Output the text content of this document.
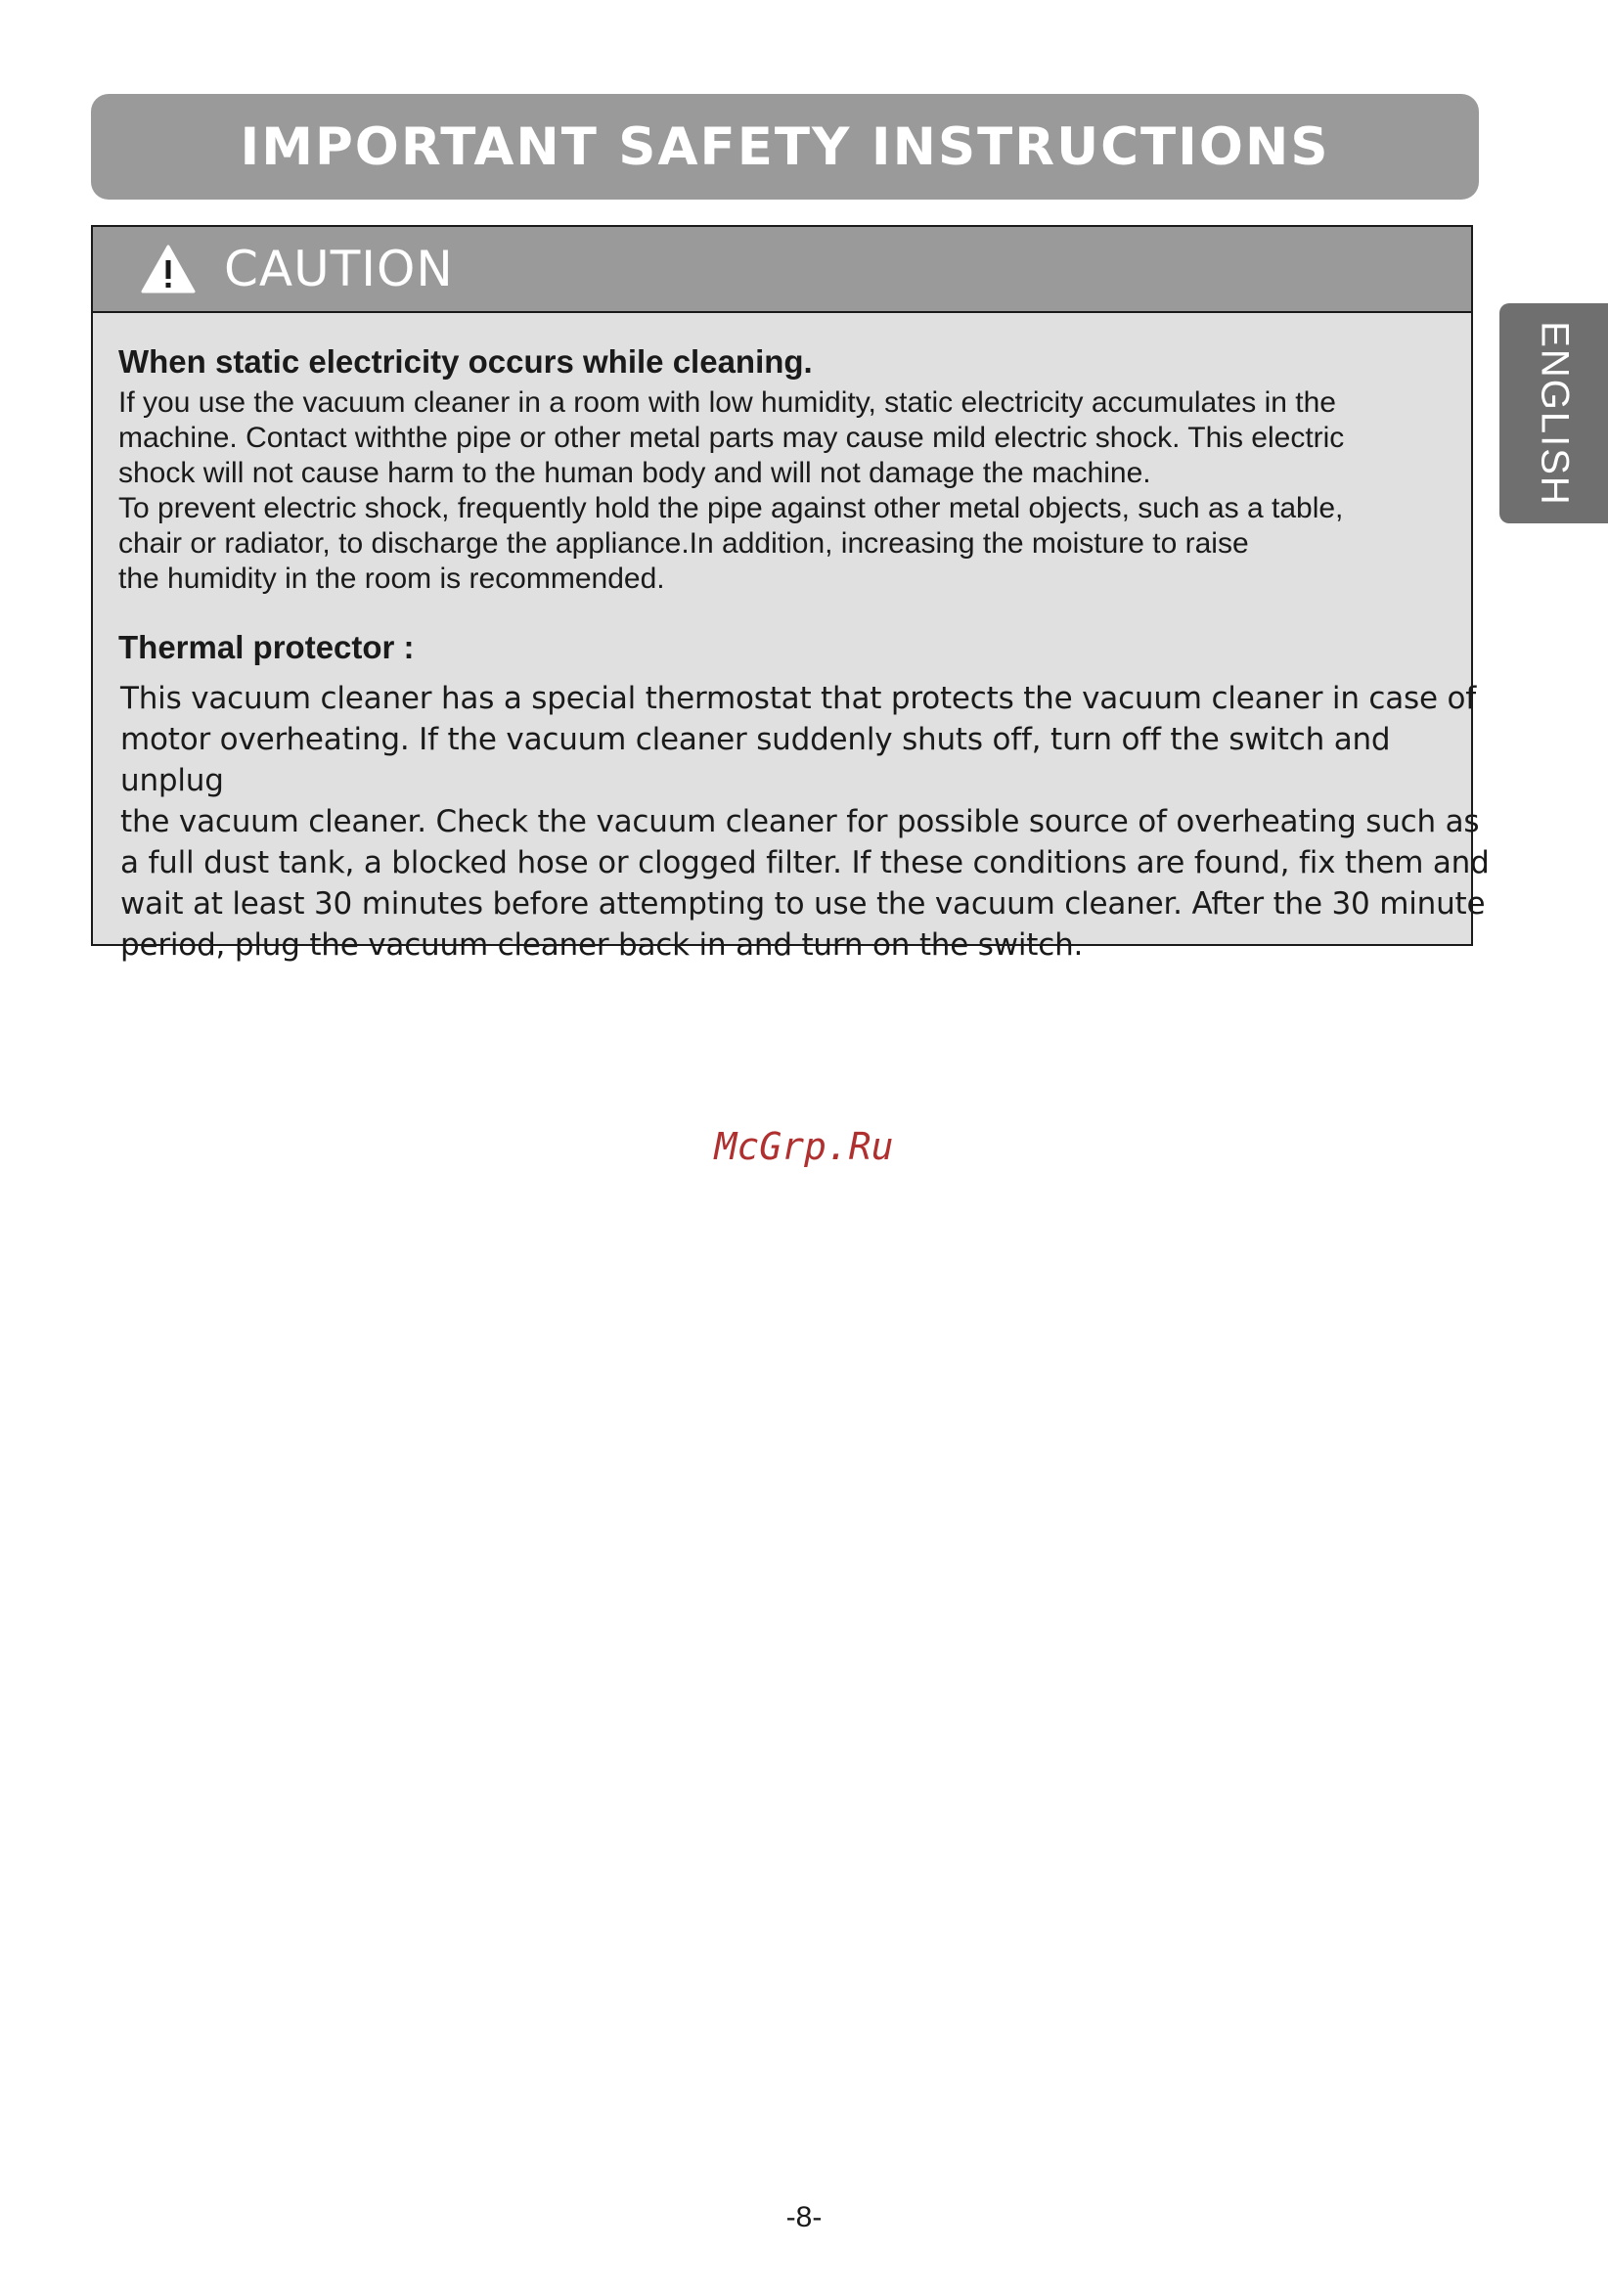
IMPORTANT SAFETY INSTRUCTIONS
CAUTION

When static electricity occurs while cleaning.

If you use the vacuum cleaner in a room with low humidity, static electricity accumulates in the
machine. Contact withthe pipe or other metal parts may cause mild electric shock. This electric
shock will not cause harm to the human body and will not damage the machine.
To prevent electric shock, frequently hold the pipe against other metal objects, such as a table,
chair or radiator, to discharge the appliance.In addition, increasing the moisture to raise
the humidity in the room is recommended.

Thermal protector :

This vacuum cleaner has a special thermostat that protects the vacuum cleaner in case of
motor overheating. If the vacuum cleaner suddenly shuts off, turn off the switch and unplug
the vacuum cleaner. Check the vacuum cleaner for possible source of overheating such as
a full dust tank, a blocked hose or clogged filter. If these conditions are found, fix them and
wait at least 30 minutes before attempting to use the vacuum cleaner. After the 30 minute
period, plug the vacuum cleaner back in and turn on the switch.
ENGLISH
McGrp.Ru
-8-
